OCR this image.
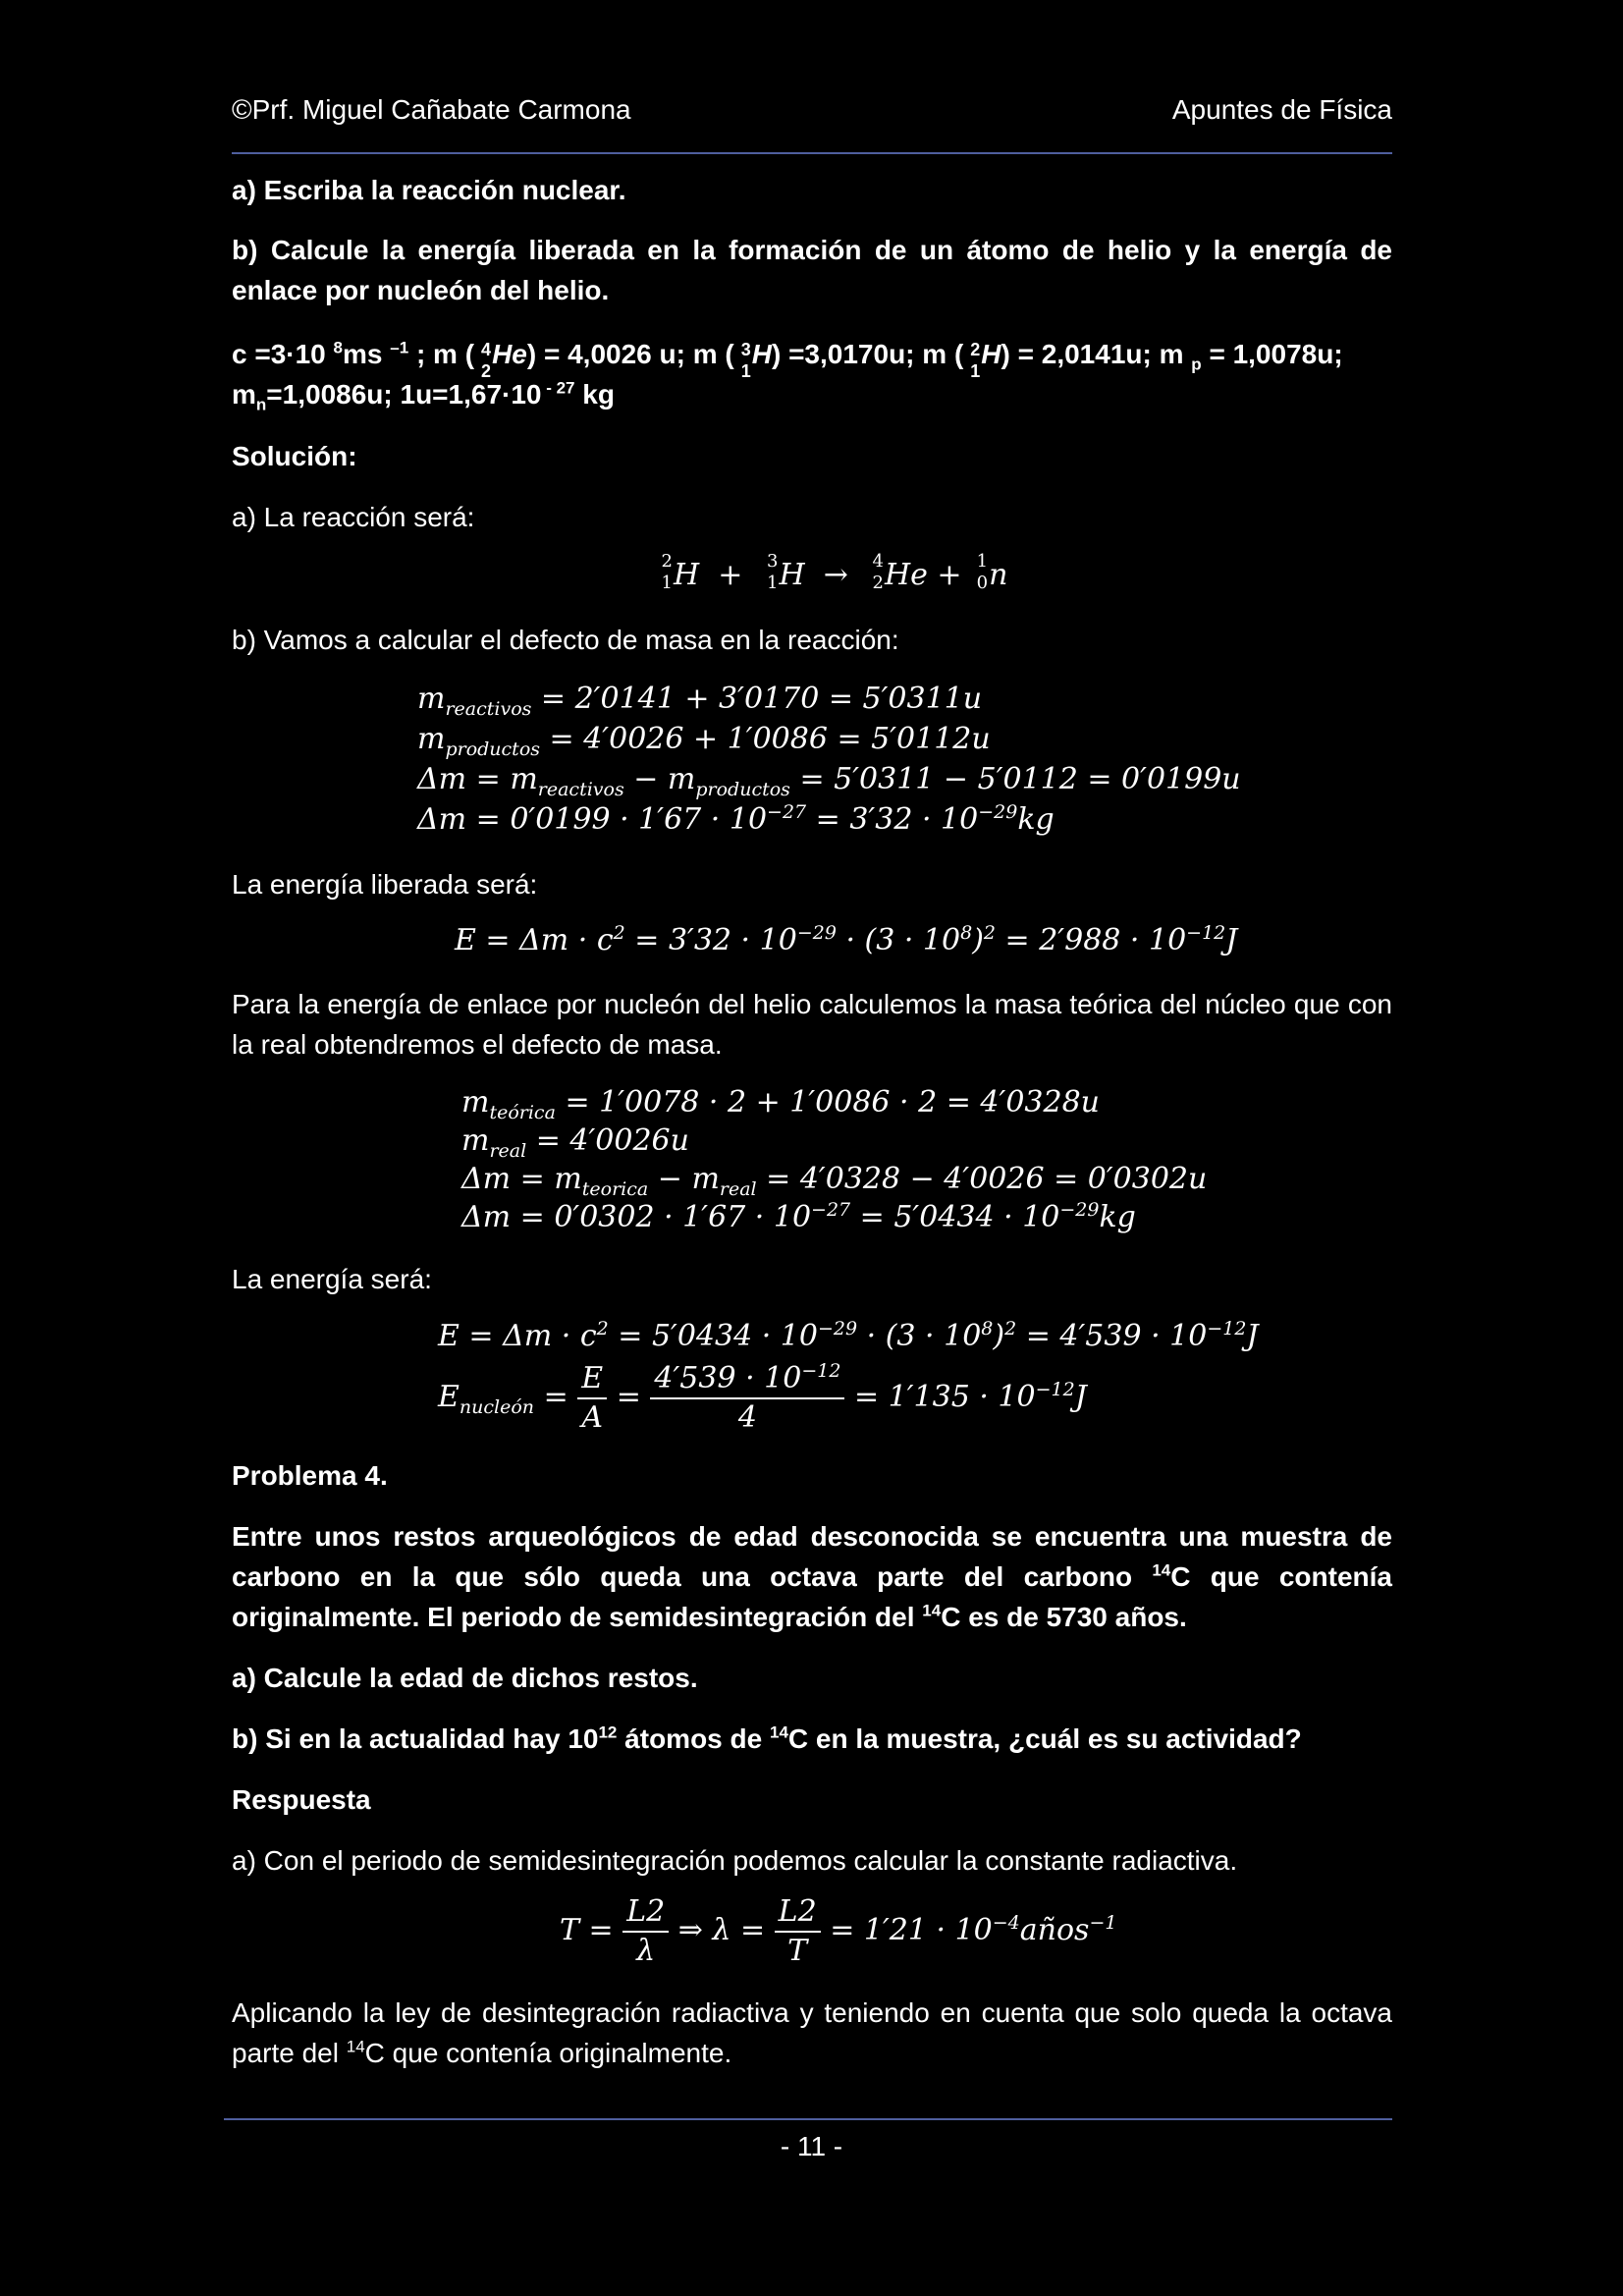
©Prf. Miguel Cañabate Carmona	Apuntes de Física
a) Escriba la reacción nuclear.
b) Calcule la energía liberada en la formación de un átomo de helio y la energía de enlace por nucleón del helio.
c =3·10 $^8$ms $^{-1}$ ; m ( 4
2
He) = 4,0026 u; m ( 3
1
H) =3,0170u; m ( 2
1
H) = 2,0141u; m $_p$ = 1,0078u;
$m_n=1,0086u$; 1u=1,67·10 $^{- 27}$ kg
Solución:
a) La reacción será:
2
1 H + 3
1 H → 4
2 He + 1
0 n
b) Vamos a calcular el defecto de masa en la reacción:
$m_{reactivos} = 2'0141 + 3'0170 = 5'0311u$
$m_{productos} = 4'0026 + 1'0086 = 5'0112u$
$\Delta m = m_{reactivos} - m_{productos} = 5'0311 - 5'0112 = 0'0199u$
$\Delta m = 0'0199 \cdot 1'67 \cdot 10^{-27} = 3'32 \cdot 10^{-29}kg$
La energía liberada será:
$E = \Delta m \cdot c^2 = 3'32 \cdot 10^{-29} \cdot (3 \cdot 10^8)^2 = 2'988 \cdot 10^{-12}J$
Para la energía de enlace por nucleón del helio calculemos la masa teórica del núcleo que con la real obtendremos el defecto de masa.
$m_{teórica} = 1'0078 \cdot 2 + 1'0086 \cdot 2 = 4'0328u$
$m_{real} = 4'0026u$
$\Delta m = m_{teorica} - m_{real} = 4'0328 - 4'0026 = 0'0302u$
$\Delta m = 0'0302 \cdot 1'67 \cdot 10^{-27} = 5'0434 \cdot 10^{-29}kg$
La energía será:
$E = \Delta m \cdot c^2 = 5'0434 \cdot 10^{-29} \cdot (3 \cdot 10^8)^2 = 4'539 \cdot 10^{-12}J$
$E_{nucleón} = \frac{E}{A} = \frac{4'539 \cdot 10^{-12}}{4} = 1'135 \cdot 10^{-12}J$
Problema 4.
Entre unos restos arqueológicos de edad desconocida se encuentra una muestra de carbono en la que sólo queda una octava parte del carbono $^{14}$C que contenía originalmente. El periodo de semidesintegración del $^{14}$C es de 5730 años.
a) Calcule la edad de dichos restos.
b) Si en la actualidad hay $10^{12}$ átomos de $^{14}$C en la muestra, ¿cuál es su actividad?
Respuesta
a) Con el periodo de semidesintegración podemos calcular la constante radiactiva.
$T = \frac{L2}{\lambda}$ ⇒ $\lambda = \frac{L2}{T} = 1'21$ · $10^{-4}años^{-1}$
Aplicando la ley de desintegración radiactiva y teniendo en cuenta que solo queda la octava parte del $^{14}$C que contenía originalmente.
- 11 -
